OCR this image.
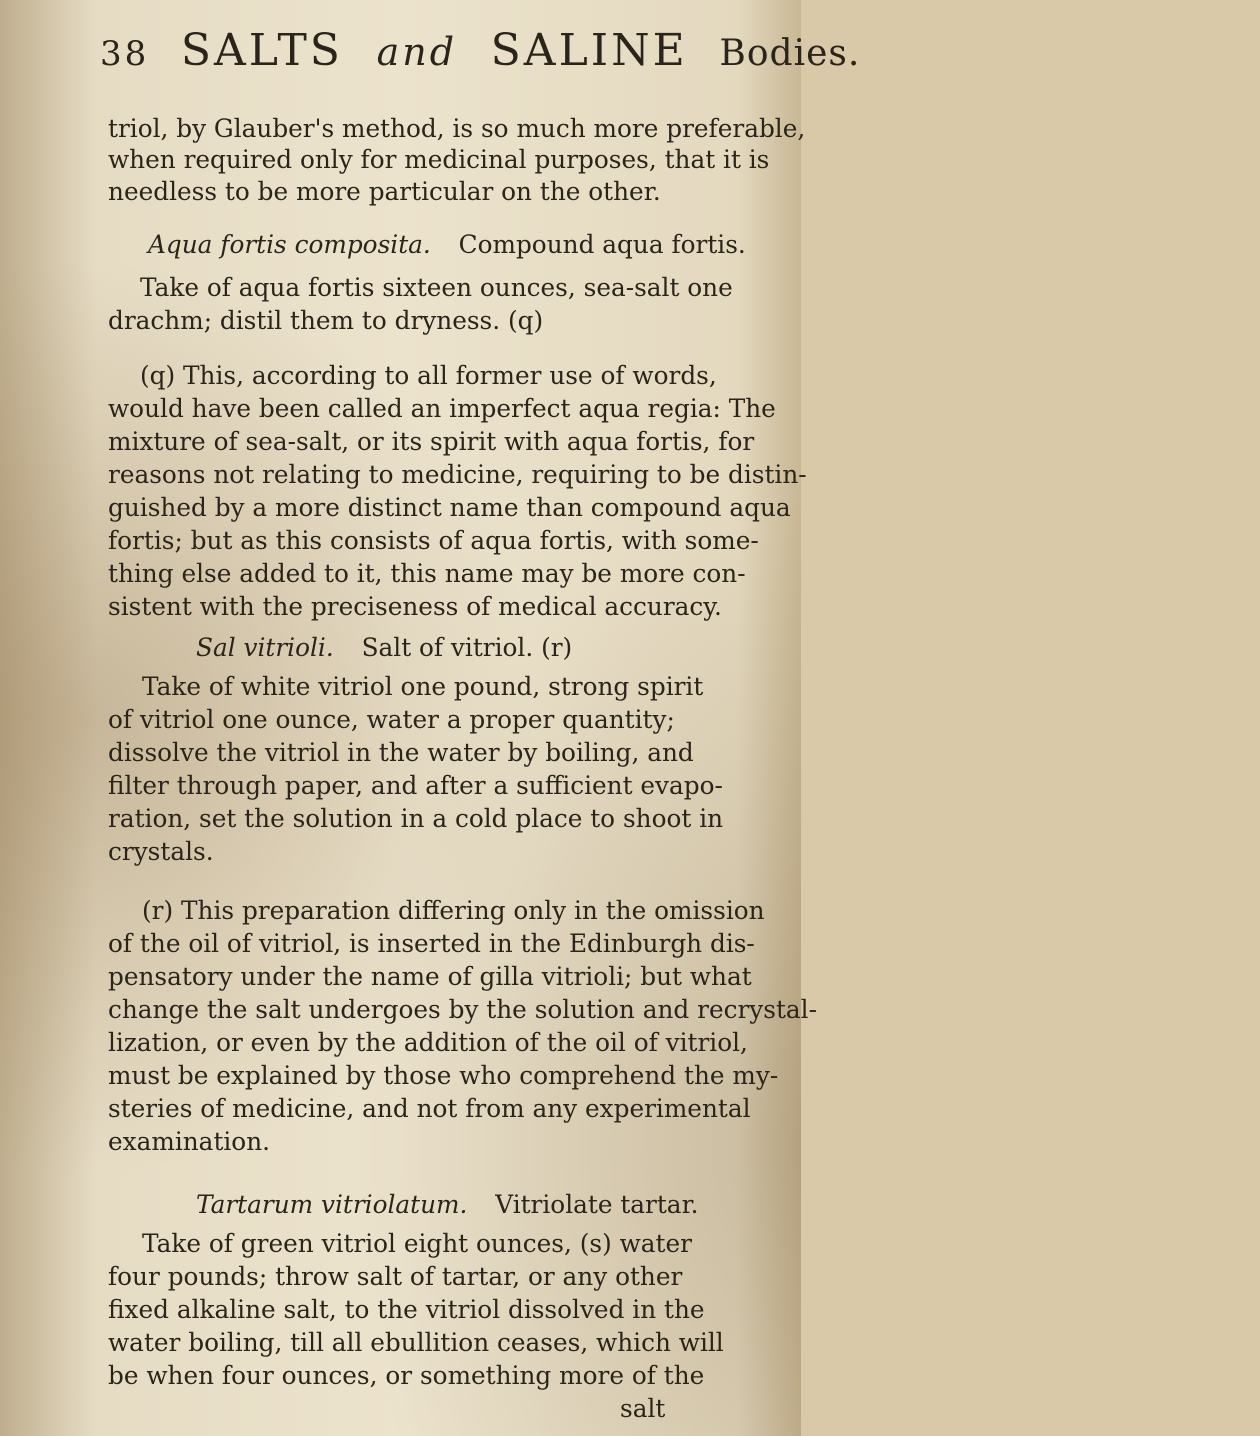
38 SALTS and SALINE Bodies.
triol, by Glauber's method, is so much more preferable,
when required only for medicinal purposes, that it is
needless to be more particular on the other.
Aqua fortis composita. Compound aqua fortis.
Take of aqua fortis sixteen ounces, sea-salt one
drachm; distil them to dryness. (q)
(q) This, according to all former use of words,
would have been called an imperfect aqua regia: The
mixture of sea-salt, or its spirit with aqua fortis, for
reasons not relating to medicine, requiring to be distin-
guished by a more distinct name than compound aqua
fortis; but as this consists of aqua fortis, with some-
thing else added to it, this name may be more con-
sistent with the preciseness of medical accuracy.
Sal vitrioli. Salt of vitriol. (r)
Take of white vitriol one pound, strong spirit
of vitriol one ounce, water a proper quantity;
dissolve the vitriol in the water by boiling, and
filter through paper, and after a sufficient evapo-
ration, set the solution in a cold place to shoot in
crystals.
(r) This preparation differing only in the omission
of the oil of vitriol, is inserted in the Edinburgh dis-
pensatory under the name of gilla vitrioli; but what
change the salt undergoes by the solution and recrystal-
lization, or even by the addition of the oil of vitriol,
must be explained by those who comprehend the my-
steries of medicine, and not from any experimental
examination.
Tartarum vitriolatum. Vitriolate tartar.
Take of green vitriol eight ounces, (s) water
four pounds; throw salt of tartar, or any other
fixed alkaline salt, to the vitriol dissolved in the
water boiling, till all ebullition ceases, which will
be when four ounces, or something more of the
salt
